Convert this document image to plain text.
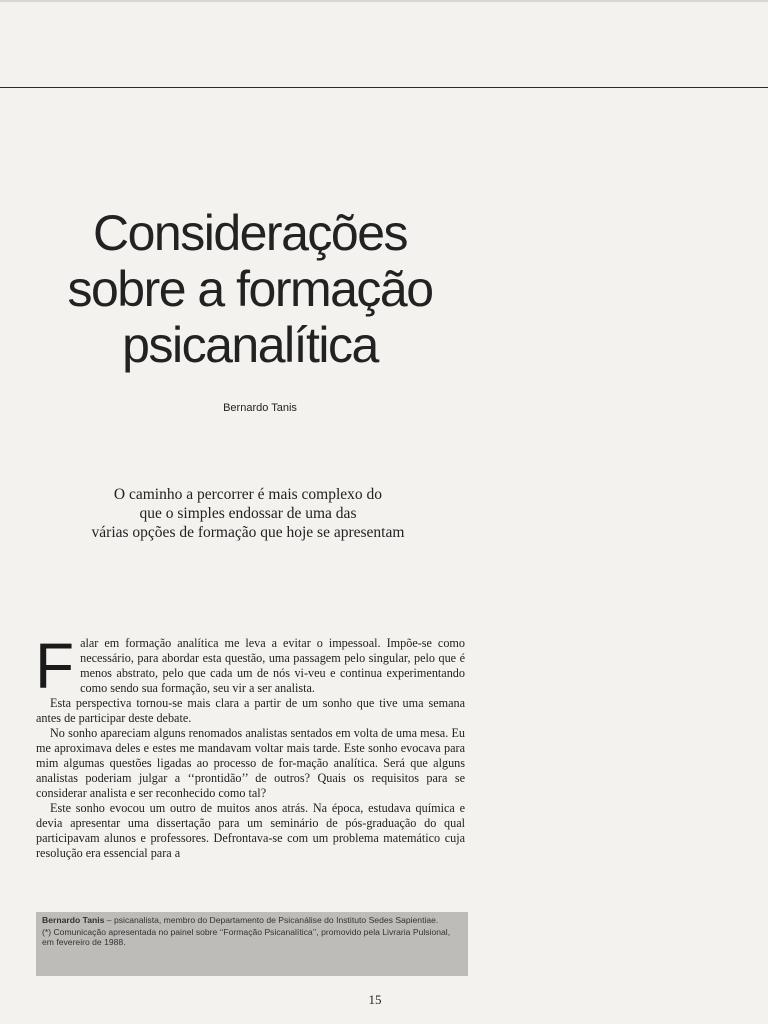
Considerações
sobre a formação
psicanalítica
Bernardo Tanis
O caminho a percorrer é mais complexo do
que o simples endossar de uma das
várias opções de formação que hoje se apresentam
F alar em formação analítica me leva a evitar o impessoal. Impõe-se como necessário, para abordar esta questão, uma passagem pelo singular, pelo que é menos abstrato, pelo que cada um de nós vi-veu e continua experimentando como sendo sua formação, seu vir a ser analista.

Esta perspectiva tornou-se mais clara a partir de um sonho que tive uma semana antes de participar deste debate.

No sonho apareciam alguns renomados analistas sentados em volta de uma mesa. Eu me aproximava deles e estes me mandavam voltar mais tarde. Este sonho evocava para mim algumas questões ligadas ao processo de for-mação analítica. Será que alguns analistas poderiam julgar a ‘‘prontidão’’ de outros? Quais os requisitos para se considerar analista e ser reconhecido como tal?

Este sonho evocou um outro de muitos anos atrás. Na época, estudava química e devia apresentar uma dissertação para um seminário de pós-graduação do qual participavam alunos e professores. Defrontava-se com um problema matemático cuja resolução era essencial para a

Bernardo Tanis – psicanalista, membro do Departamento de Psicanálise do Instituto Sedes Sapientiae.

(*) Comunicação apresentada no painel sobre ‘‘Formação Psicanalítica’’, promovido pela Livraria Pulsional, em fevereiro de 1988.

15
